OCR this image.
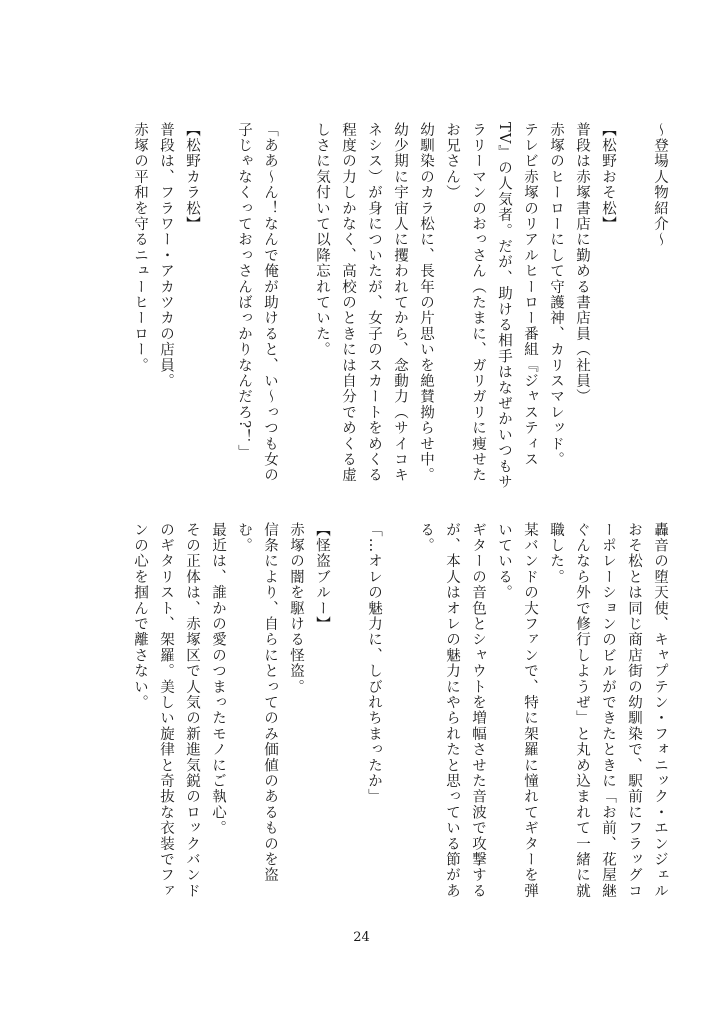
～登場人物紹介～

【松野おそ松】

普段は赤塚書店に勤める書店員（社員）

赤塚のヒーローにして守護神、カリスマレッド。

テレビ赤塚のリアルヒーロー番組『ジャスティスTV』の人気者。だが、助ける相手はなぜかいつもサラリーマンのおっさん（たまに、ガリガリに痩せたお兄さん）

幼馴染のカラ松に、長年の片思いを絶賛拗らせ中。

幼少期に宇宙人に攫われてから、念動力（サイコキネシス）が身についたが、女子のスカートをめくる程度の力しかなく、高校のときには自分でめくる虚しさに気付いて以降忘れていた。

「ああ〜ん！なんで俺が助けると、い〜っつも女の子じゃなくっておっさんばっかりなんだろ?！」

【松野カラ松】

普段は、フラワー・アカツカの店員。

赤塚の平和を守るニューヒーロー。

轟音の堕天使、キャプテン・フォニック・エンジェル

おそ松とは同じ商店街の幼馴染で、駅前にフラッグコーポレーションのビルができたときに「お前、花屋継ぐんなら外で修行しようぜ」と丸め込まれて一緒に就職した。

某バンドの大ファンで、特に架羅に憧れてギターを弾いている。

ギターの音色とシャウトを増幅させた音波で攻撃するが、本人はオレの魅力にやられたと思っている節がある。

「…オレの魅力に、しびれちまったか」

【怪盗ブルー】

赤塚の闇を駆ける怪盗。

信条により、自らにとってのみ価値のあるものを盗む。

最近は、誰かの愛のつまったモノにご執心。

その正体は、赤塚区で人気の新進気鋭のロックバンドのギタリスト、架羅。美しい旋律と奇抜な衣装でファンの心を掴んで離さない。

24
